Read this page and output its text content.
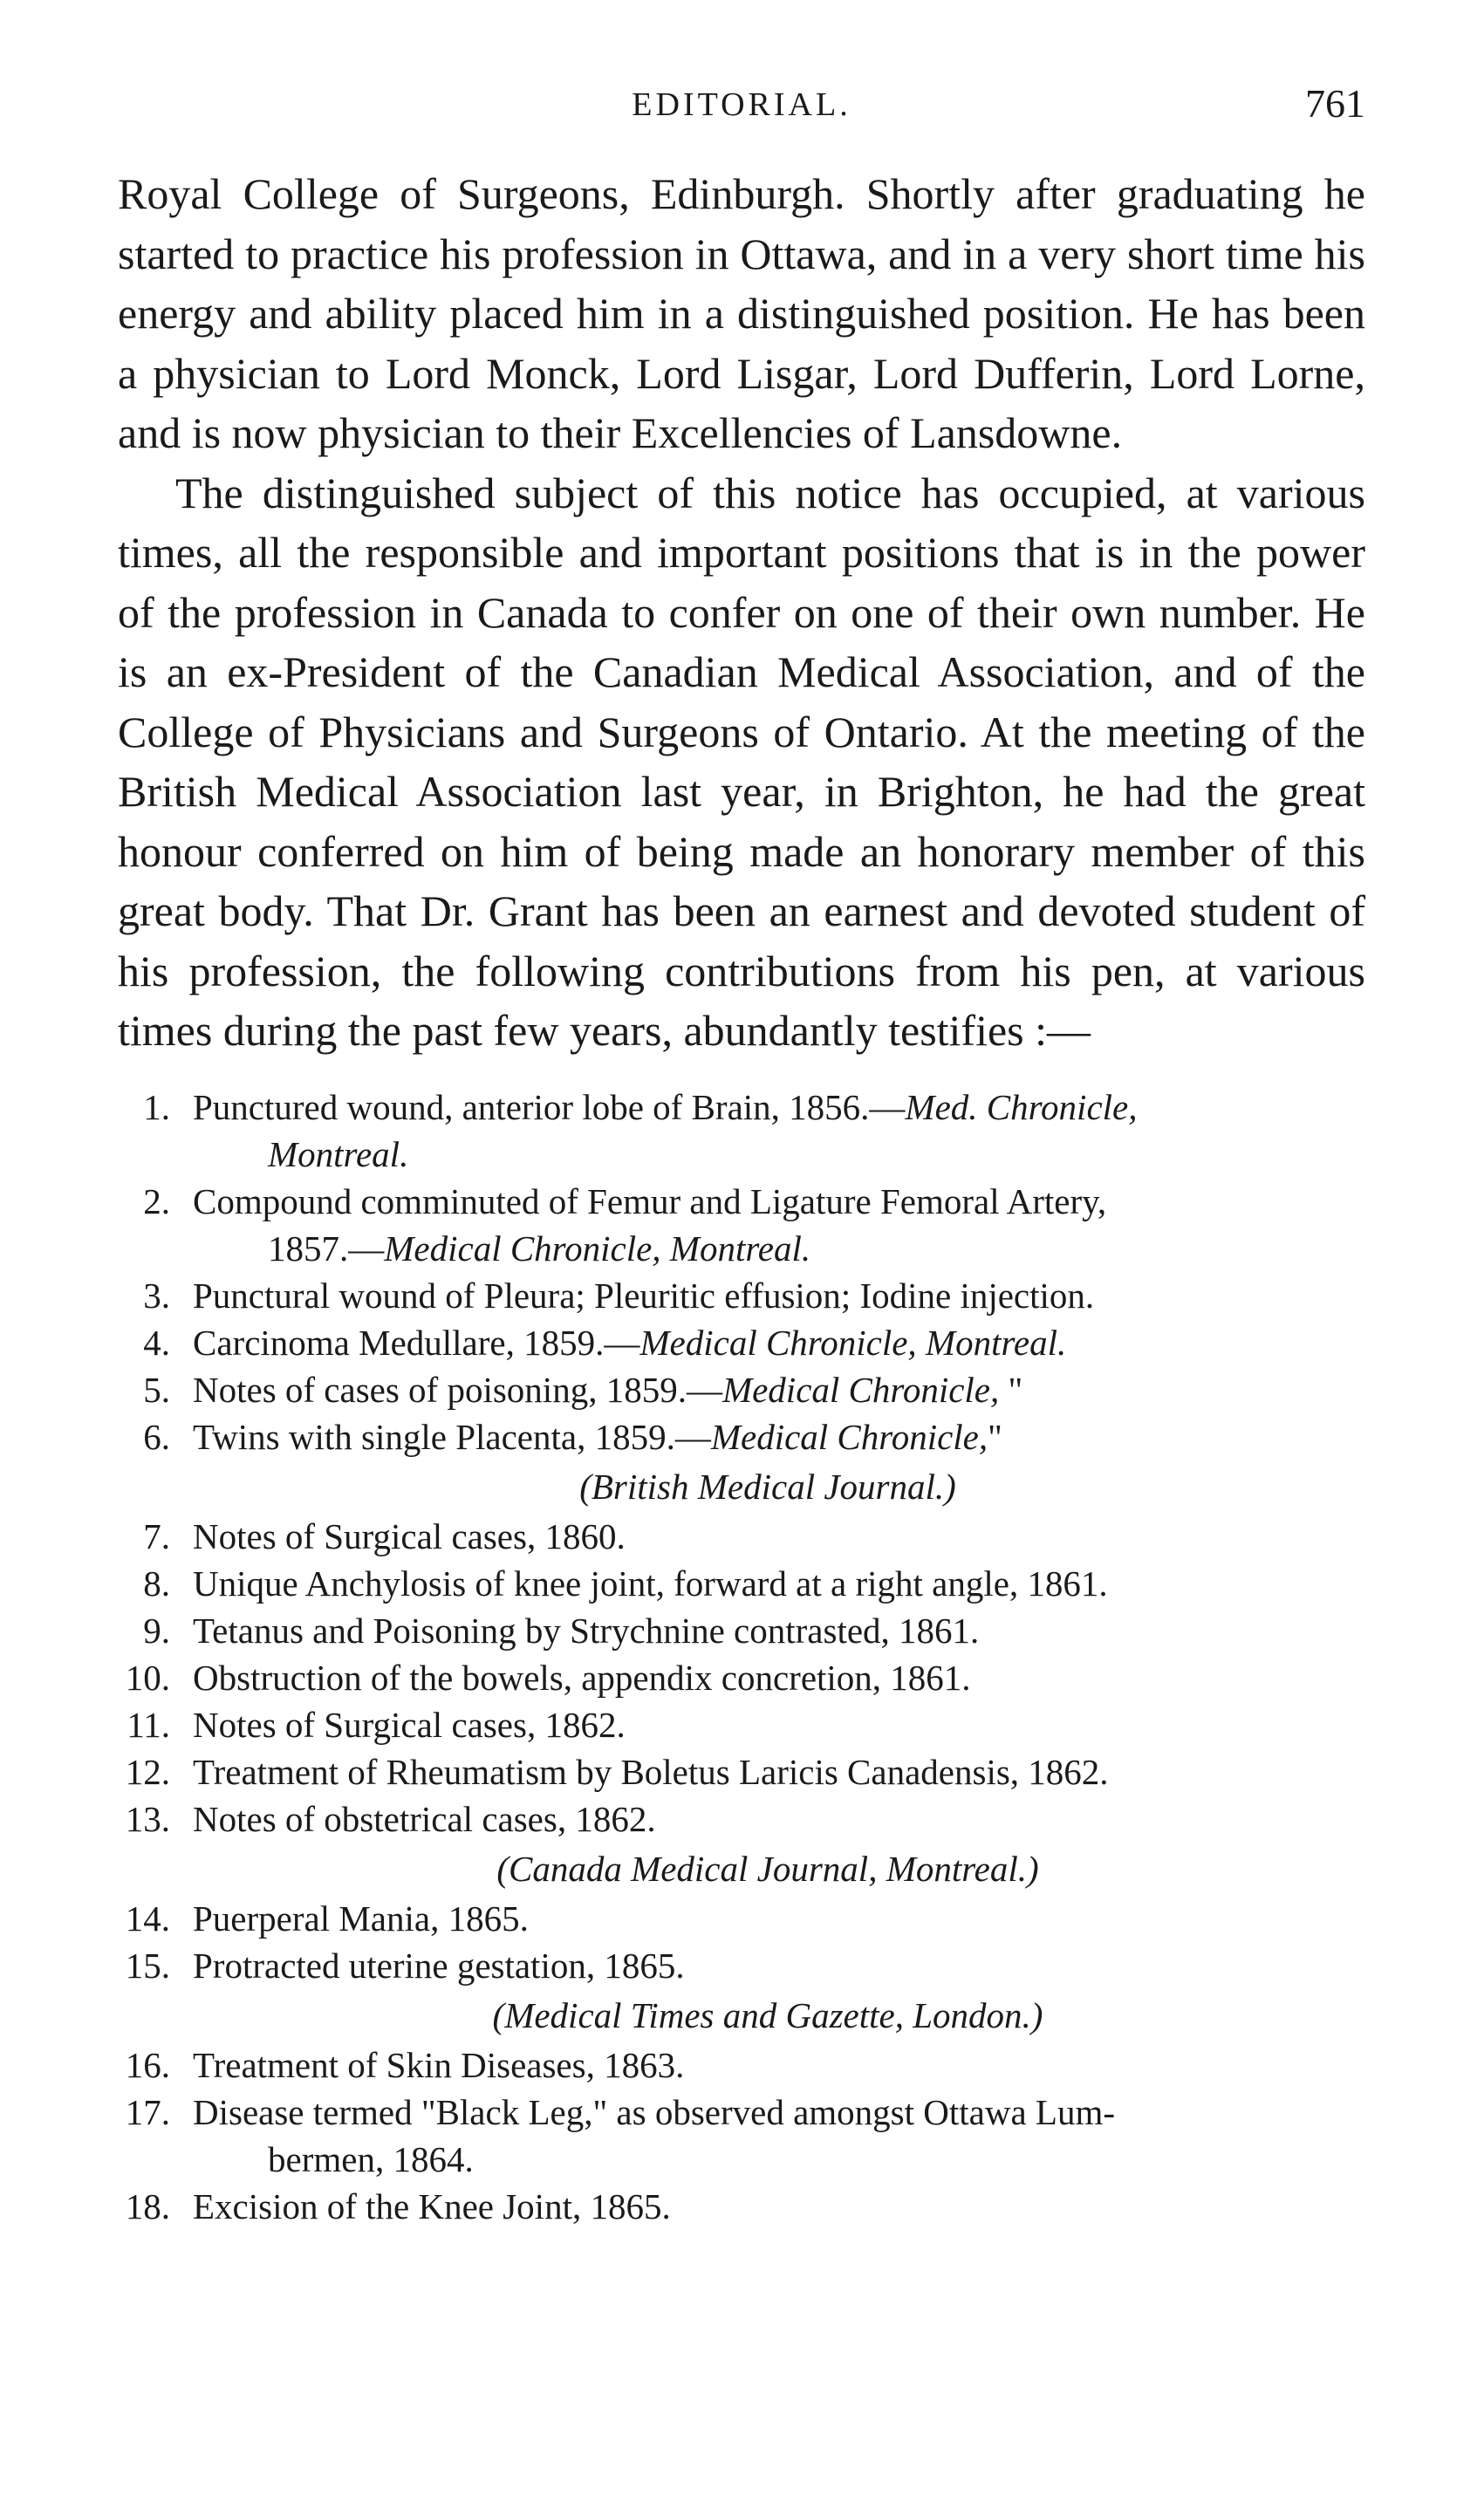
EDITORIAL.	761

Royal College of Surgeons, Edinburgh. Shortly after graduating he started to practice his profession in Ottawa, and in a very short time his energy and ability placed him in a distinguished position. He has been a physician to Lord Monck, Lord Lisgar, Lord Dufferin, Lord Lorne, and is now physician to their Excellencies of Lansdowne.

The distinguished subject of this notice has occupied, at various times, all the responsible and important positions that is in the power of the profession in Canada to confer on one of their own number. He is an ex-President of the Canadian Medical Association, and of the College of Physicians and Surgeons of Ontario. At the meeting of the British Medical Association last year, in Brighton, he had the great honour conferred on him of being made an honorary member of this great body. That Dr. Grant has been an earnest and devoted student of his profession, the following contributions from his pen, at various times during the past few years, abundantly testifies :—

1. Punctured wound, anterior lobe of Brain, 1856.—Med. Chronicle,
Montreal.

2. Compound comminuted of Femur and Ligature Femoral Artery,
1857.—Medical Chronicle, Montreal.

3. Punctural wound of Pleura; Pleuritic effusion; Iodine injection.

4. Carcinoma Medullare, 1859.—Medical Chronicle, Montreal.

5. Notes of cases of poisoning, 1859.—Medical Chronicle, "

6. Twins with single Placenta, 1859.—Medical Chronicle,"

(British Medical Journal.)

7. Notes of Surgical cases, 1860.

8. Unique Anchylosis of knee joint, forward at a right angle, 1861.

9. Tetanus and Poisoning by Strychnine contrasted, 1861.

10. Obstruction of the bowels, appendix concretion, 1861.

11. Notes of Surgical cases, 1862.

12. Treatment of Rheumatism by Boletus Laricis Canadensis, 1862.

13. Notes of obstetrical cases, 1862.

(Canada Medical Journal, Montreal.)

14. Puerperal Mania, 1865.

15. Protracted uterine gestation, 1865.

(Medical Times and Gazette, London.)

16. Treatment of Skin Diseases, 1863.

17. Disease termed "Black Leg," as observed amongst Ottawa Lum-
bermen, 1864.

18. Excision of the Knee Joint, 1865.
